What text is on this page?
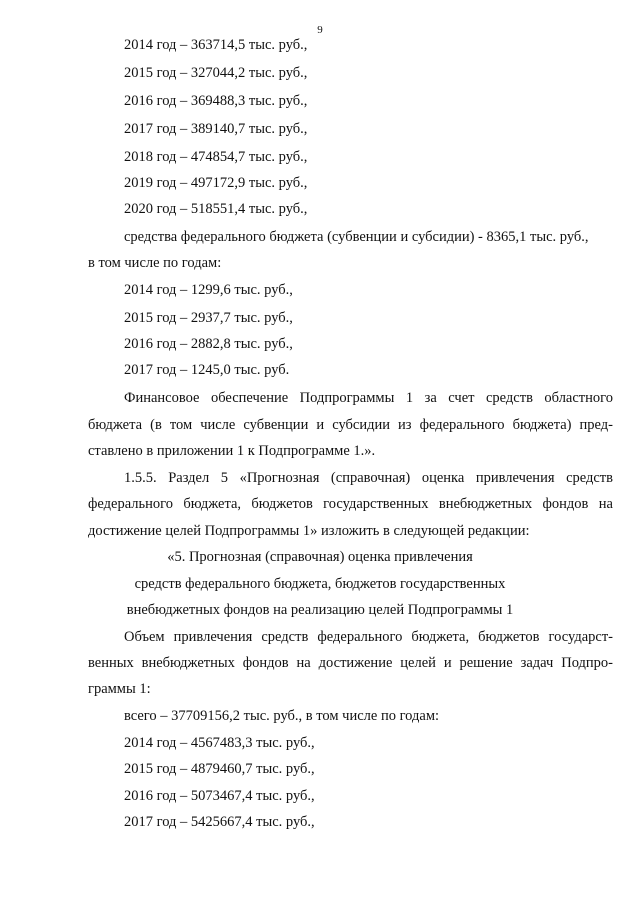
9
2014 год – 363714,5 тыс. руб.,
2015 год – 327044,2 тыс. руб.,
2016 год – 369488,3 тыс. руб.,
2017 год – 389140,7 тыс. руб.,
2018 год – 474854,7 тыс. руб.,
2019 год – 497172,9 тыс. руб.,
2020 год – 518551,4 тыс. руб.,
средства федерального бюджета (субвенции и субсидии) - 8365,1 тыс. руб.,
в том числе по годам:
2014 год – 1299,6 тыс. руб.,
2015 год – 2937,7 тыс. руб.,
2016 год – 2882,8 тыс. руб.,
2017 год – 1245,0 тыс. руб.
Финансовое обеспечение Подпрограммы 1 за счет средств областного
бюджета (в том числе субвенции и субсидии из федерального бюджета) пред-
ставлено в приложении 1 к Подпрограмме 1.».
1.5.5. Раздел 5 «Прогнозная (справочная) оценка привлечения средств
федерального бюджета, бюджетов государственных внебюджетных фондов на
достижение целей Подпрограммы 1» изложить в следующей редакции:
«5. Прогнозная (справочная) оценка привлечения
средств федерального бюджета, бюджетов государственных
внебюджетных фондов на реализацию целей Подпрограммы 1
Объем привлечения средств федерального бюджета, бюджетов государст-
венных внебюджетных фондов на достижение целей и решение задач Подпро-
граммы 1:
всего – 37709156,2 тыс. руб., в том числе по годам:
2014 год – 4567483,3 тыс. руб.,
2015 год – 4879460,7 тыс. руб.,
2016 год – 5073467,4 тыс. руб.,
2017 год – 5425667,4 тыс. руб.,
